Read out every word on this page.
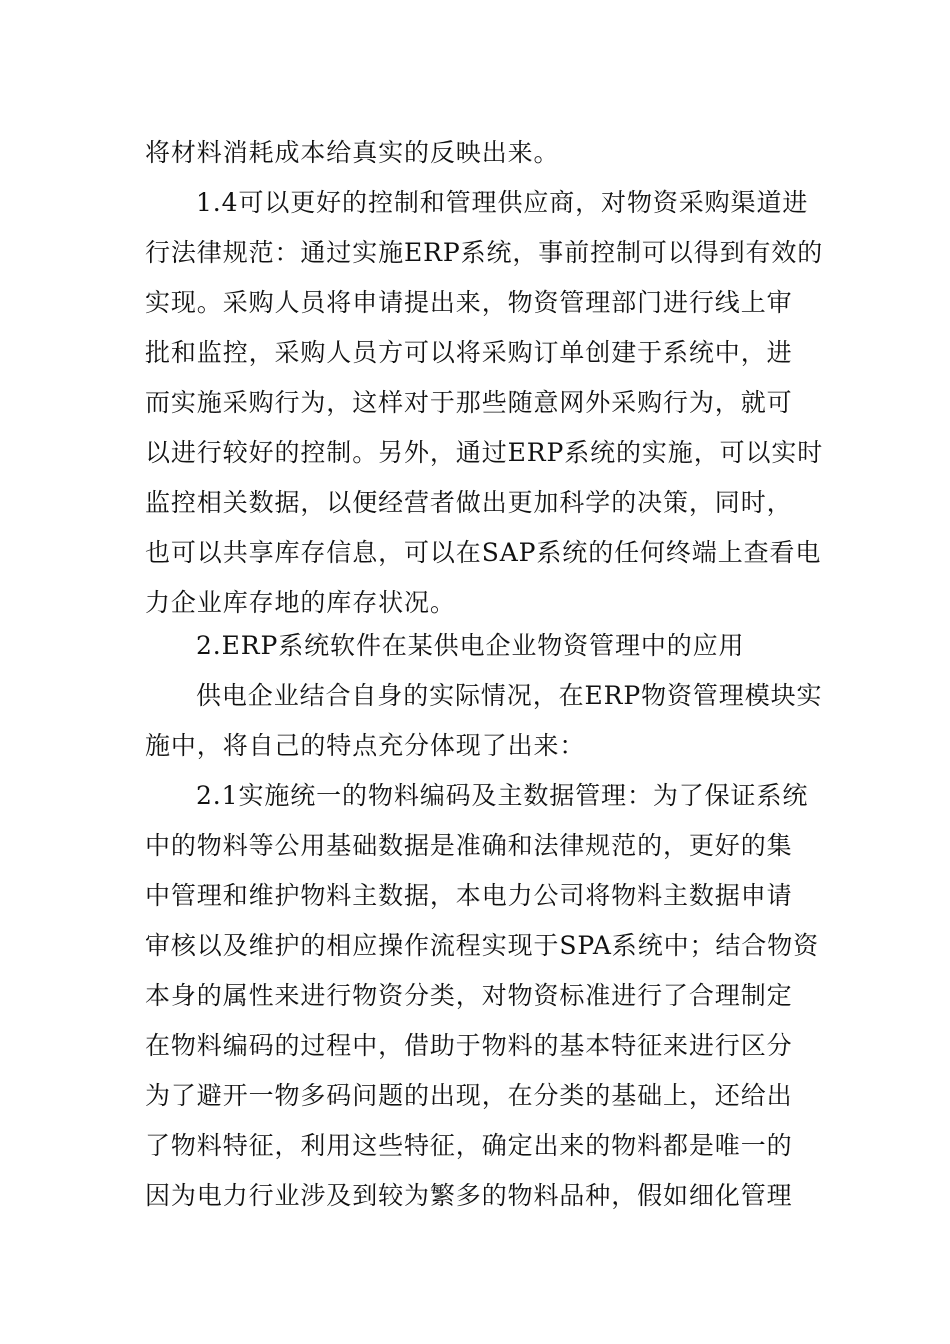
将材料消耗成本给真实的反映出来。
1.4可以更好的控制和管理供应商，对物资采购渠道进
行法律规范：通过实施ERP系统，事前控制可以得到有效的
实现。采购人员将申请提出来，物资管理部门进行线上审
批和监控，采购人员方可以将采购订单创建于系统中，进
而实施采购行为，这样对于那些随意网外采购行为，就可
以进行较好的控制。另外，通过ERP系统的实施，可以实时
监控相关数据，以便经营者做出更加科学的决策，同时，
也可以共享库存信息，可以在SAP系统的任何终端上查看电
力企业库存地的库存状况。
2.ERP系统软件在某供电企业物资管理中的应用
供电企业结合自身的实际情况，在ERP物资管理模块实
施中，将自己的特点充分体现了出来：
2.1实施统一的物料编码及主数据管理：为了保证系统
中的物料等公用基础数据是准确和法律规范的，更好的集
中管理和维护物料主数据，本电力公司将物料主数据申请
审核以及维护的相应操作流程实现于SPA系统中；结合物资
本身的属性来进行物资分类，对物资标准进行了合理制定
在物料编码的过程中，借助于物料的基本特征来进行区分
为了避开一物多码问题的出现，在分类的基础上，还给出
了物料特征，利用这些特征，确定出来的物料都是唯一的
因为电力行业涉及到较为繁多的物料品种，假如细化管理
